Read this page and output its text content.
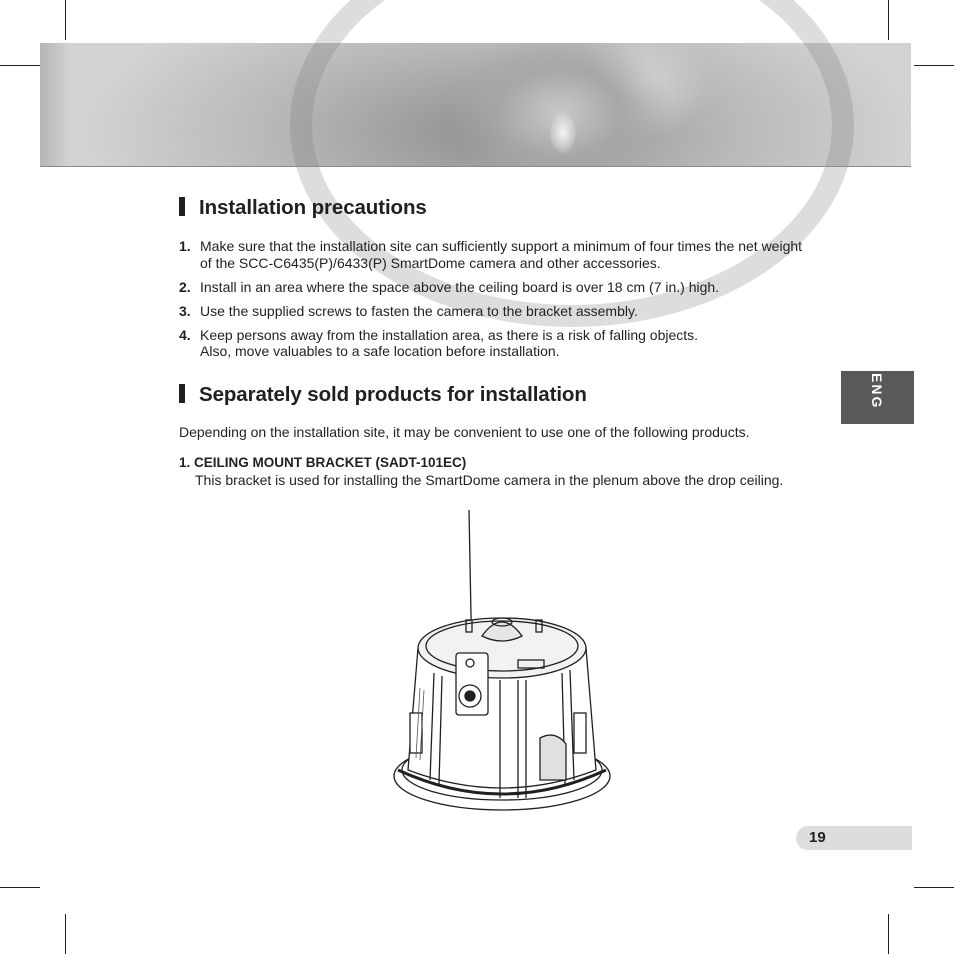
Installation precautions
1. Make sure that the installation site can sufficiently support a minimum of four times the net weight of the SCC-C6435(P)/6433(P) SmartDome camera and other accessories.
2. Install in an area where the space above the ceiling board is over 18 cm (7 in.) high.
3. Use the supplied screws to fasten the camera to the bracket assembly.
4. Keep persons away from the installation area, as there is a risk of falling objects.
Also, move valuables to a safe location before installation.
Separately sold products for installation

Depending on the installation site, it may be convenient to use one of the following products.

1. CEILING MOUNT BRACKET (SADT-101EC)

This bracket is used for installing the SmartDome camera in the plenum above the drop ceiling.

ENG
19
